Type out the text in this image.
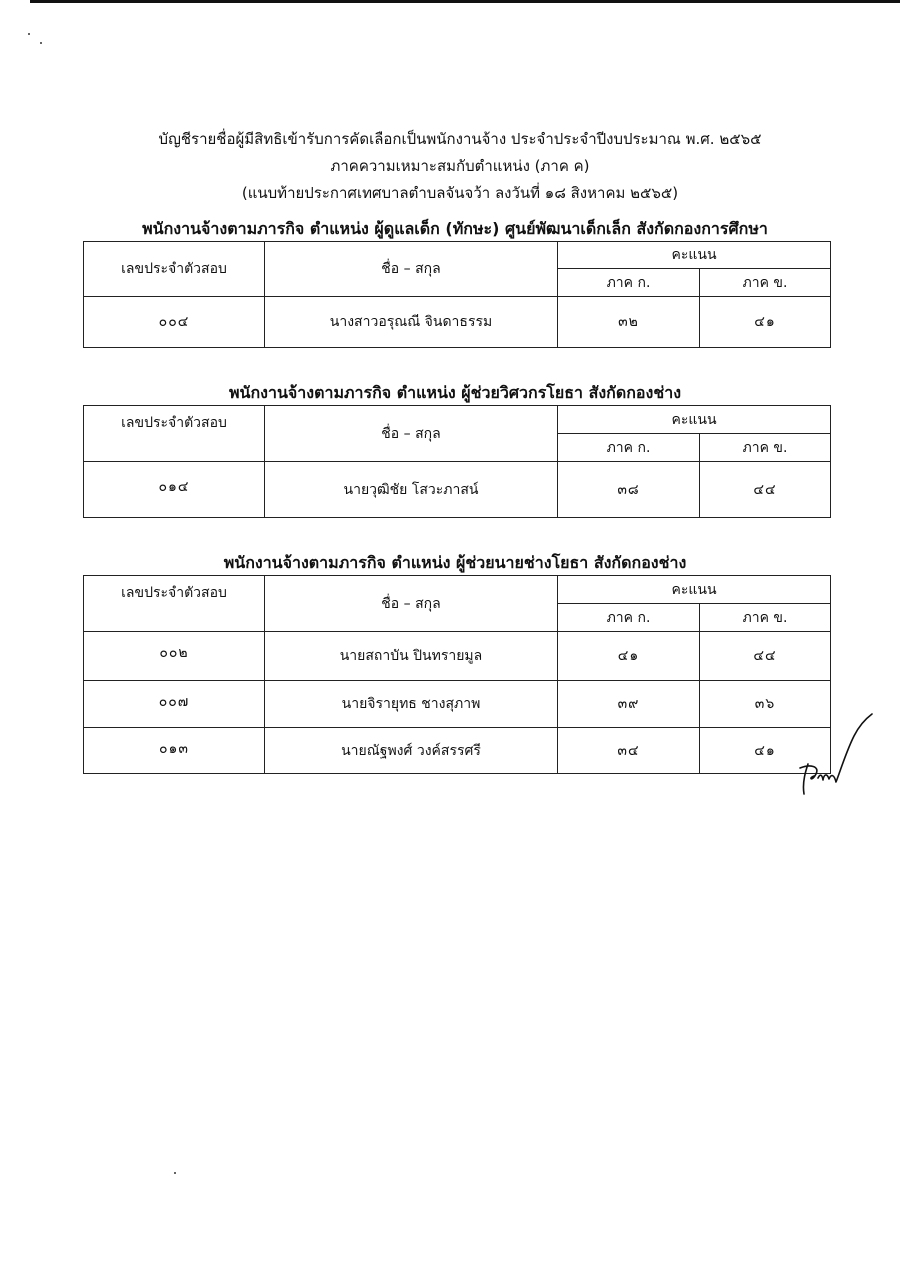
บัญชีรายชื่อผู้มีสิทธิเข้ารับการคัดเลือกเป็นพนักงานจ้าง ประจำประจำปีงบประมาณ พ.ศ. ๒๕๖๕
ภาคความเหมาะสมกับตำแหน่ง (ภาค ค)
(แนบท้ายประกาศเทศบาลตำบลจันจว้า ลงวันที่ ๑๘ สิงหาคม ๒๕๖๕)
พนักงานจ้างตามภารกิจ ตำแหน่ง ผู้ดูแลเด็ก (ทักษะ) ศูนย์พัฒนาเด็กเล็ก สังกัดกองการศึกษา
เลขประจำตัวสอบ	ชื่อ – สกุล	คะแนน	
		ภาค ก.	ภาค ข.
๐๐๔	นางสาวอรุณณี จินดาธรรม	๓๒	๔๑
พนักงานจ้างตามภารกิจ ตำแหน่ง ผู้ช่วยวิศวกรโยธา สังกัดกองช่าง
เลขประจำตัวสอบ	ชื่อ – สกุล	คะแนน	
		ภาค ก.	ภาค ข.
๐๑๔	นายวุฒิชัย โสวะภาสน์	๓๘	๔๔
พนักงานจ้างตามภารกิจ ตำแหน่ง ผู้ช่วยนายช่างโยธา สังกัดกองช่าง
เลขประจำตัวสอบ	ชื่อ – สกุล	คะแนน	
		ภาค ก.	ภาค ข.
๐๐๒	นายสถาบัน ปินทรายมูล	๔๑	๔๔
๐๐๗	นายจิรายุทธ ชางสุภาพ	๓๙	๓๖
๐๑๓	นายณัฐพงศ์ วงค์สรรศรี	๓๔	๔๑
